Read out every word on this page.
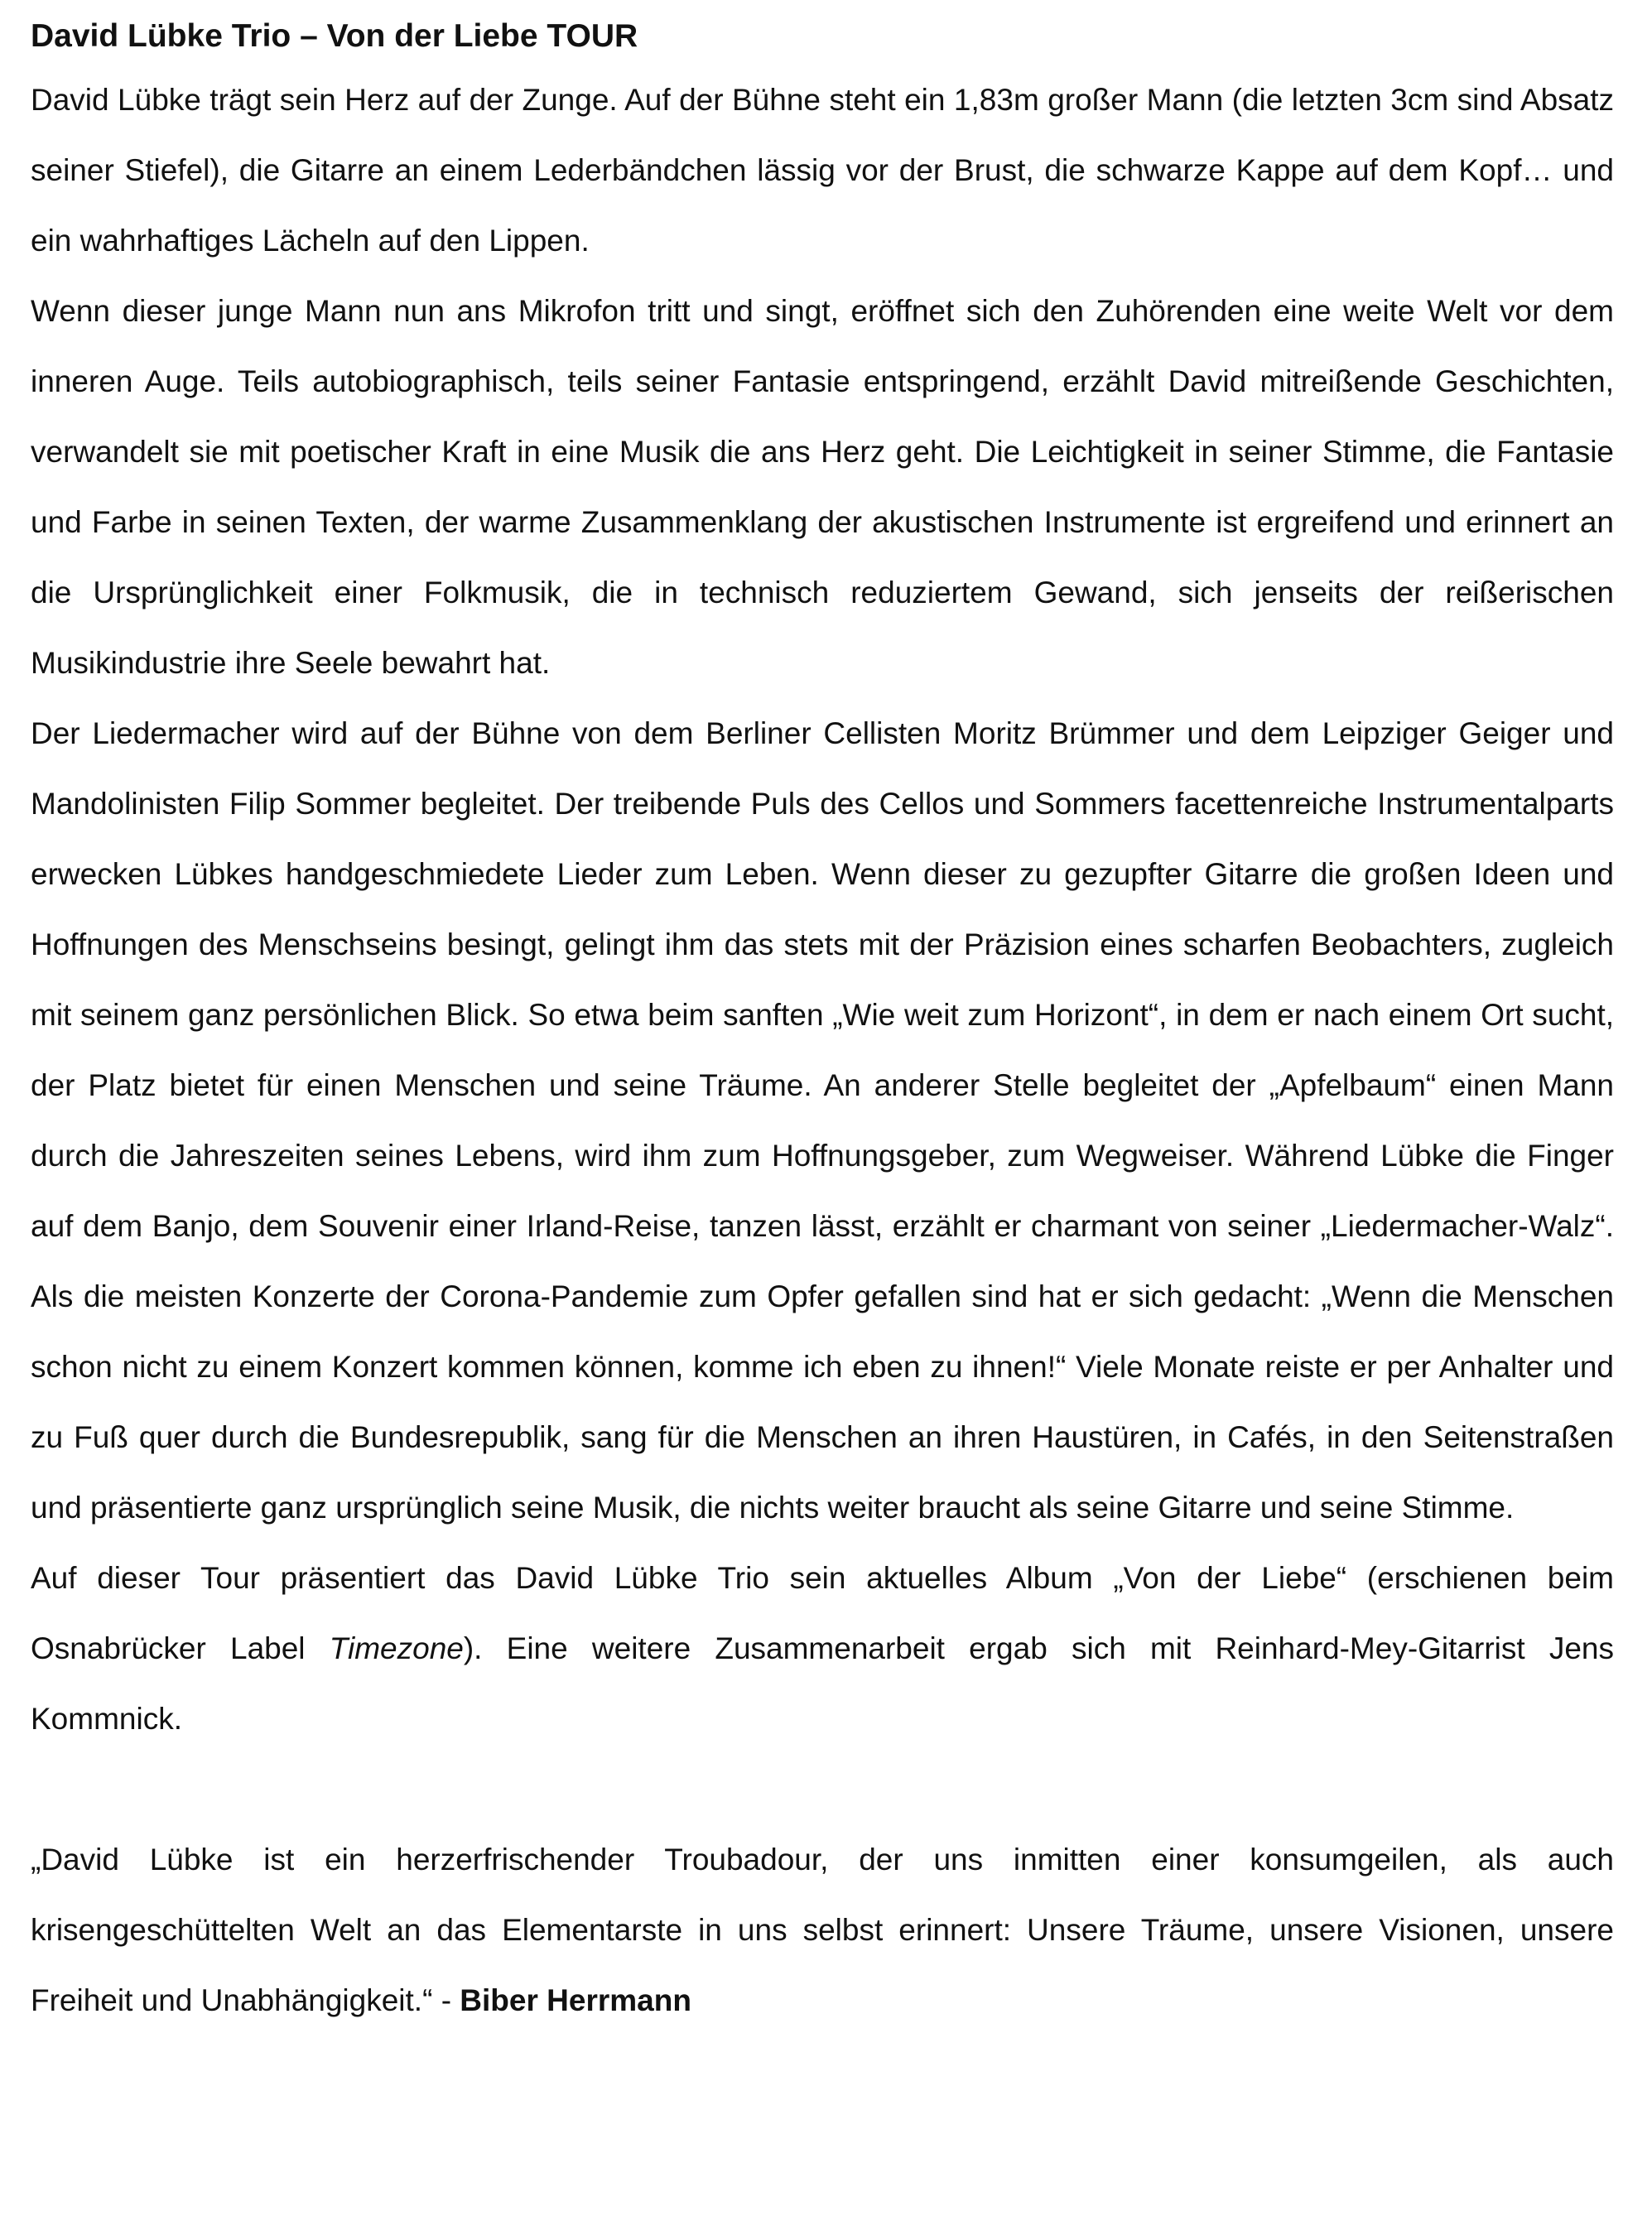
David Lübke Trio – Von der Liebe TOUR

David Lübke trägt sein Herz auf der Zunge. Auf der Bühne steht ein 1,83m großer Mann (die letzten 3cm sind Absatz seiner Stiefel), die Gitarre an einem Lederbändchen lässig vor der Brust, die schwarze Kappe auf dem Kopf… und ein wahrhaftiges Lächeln auf den Lippen.

Wenn dieser junge Mann nun ans Mikrofon tritt und singt, eröffnet sich den Zuhörenden eine weite Welt vor dem inneren Auge. Teils autobiographisch, teils seiner Fantasie entspringend, erzählt David mitreißende Geschichten, verwandelt sie mit poetischer Kraft in eine Musik die ans Herz geht. Die Leichtigkeit in seiner Stimme, die Fantasie und Farbe in seinen Texten, der warme Zusammenklang der akustischen Instrumente ist ergreifend und erinnert an die Ursprünglichkeit einer Folkmusik, die in technisch reduziertem Gewand, sich jenseits der reißerischen Musikindustrie ihre Seele bewahrt hat.

Der Liedermacher wird auf der Bühne von dem Berliner Cellisten Moritz Brümmer und dem Leipziger Geiger und Mandolinisten Filip Sommer begleitet. Der treibende Puls des Cellos und Sommers facettenreiche Instrumentalparts erwecken Lübkes handgeschmiedete Lieder zum Leben. Wenn dieser zu gezupfter Gitarre die großen Ideen und Hoffnungen des Menschseins besingt, gelingt ihm das stets mit der Präzision eines scharfen Beobachters, zugleich mit seinem ganz persönlichen Blick. So etwa beim sanften „Wie weit zum Horizont“, in dem er nach einem Ort sucht, der Platz bietet für einen Menschen und seine Träume. An anderer Stelle begleitet der „Apfelbaum“ einen Mann durch die Jahreszeiten seines Lebens, wird ihm zum Hoffnungsgeber, zum Wegweiser. Während Lübke die Finger auf dem Banjo, dem Souvenir einer Irland-Reise, tanzen lässt, erzählt er charmant von seiner „Liedermacher-Walz“. Als die meisten Konzerte der Corona-Pandemie zum Opfer gefallen sind hat er sich gedacht: „Wenn die Menschen schon nicht zu einem Konzert kommen können, komme ich eben zu ihnen!“ Viele Monate reiste er per Anhalter und zu Fuß quer durch die Bundesrepublik, sang für die Menschen an ihren Haustüren, in Cafés, in den Seitenstraßen und präsentierte ganz ursprünglich seine Musik, die nichts weiter braucht als seine Gitarre und seine Stimme.

Auf dieser Tour präsentiert das David Lübke Trio sein aktuelles Album „Von der Liebe“ (erschienen beim Osnabrücker Label Timezone). Eine weitere Zusammenarbeit ergab sich mit Reinhard-Mey-Gitarrist Jens Kommnick.

„David Lübke ist ein herzerfrischender Troubadour, der uns inmitten einer konsumgeilen, als auch krisengeschüttelten Welt an das Elementarste in uns selbst erinnert: Unsere Träume, unsere Visionen, unsere Freiheit und Unabhängigkeit.“ - Biber Herrmann
